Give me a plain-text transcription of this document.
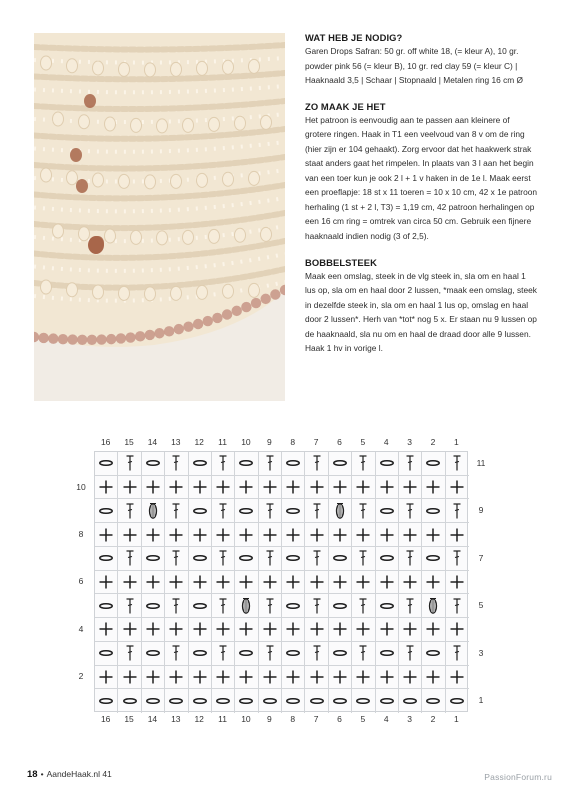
WAT HEB JE NODIG?

Garen Drops Safran: 50 gr. off white 18, (= kleur A), 10 gr. powder pink 56 (= kleur B), 10 gr. red clay 59 (= kleur C) | Haaknaald 3,5 | Schaar | Stopnaald | Metalen ring 16 cm Ø

ZO MAAK JE HET

Het patroon is eenvoudig aan te passen aan kleinere of grotere ringen. Haak in T1 een veelvoud van 8 v om de ring (hier zijn er 104 gehaakt). Zorg ervoor dat het haakwerk strak staat anders gaat het rimpelen. In plaats van 3 l aan het begin van een toer kun je ook 2 l + 1 v haken in de 1e l. Maak eerst een proeflapje: 18 st x 11 toeren = 10 x 10 cm, 42 x 1e patroon herhaling (1 st + 2 l, T3) = 1,19 cm, 42 patroon herhalingen op een 16 cm ring = omtrek van circa 50 cm. Gebruik een fijnere haaknaald indien nodig (3 of 2,5).

BOBBELSTEEK

Maak een omslag, steek in de vlg steek in, sla om en haal 1 lus op, sla om en haal door 2 lussen, *maak een omslag, steek in dezelfde steek in, sla om en haal 1 lus op, omslag en haal door 2 lussen*. Herh van *tot* nog 5 x. Er staan nu 9 lussen op de haaknaald, sla nu om en haal de draad door alle 9 lussen. Haak 1 hv in vorige l.

16
16
15
15
14
14
13
13
12
12
11
11
10
10
9
9
8
8
7
7
6
6
5
5
4
4
3
3
2
2
1
1
11
10
9
8
7
6
5
4
3
2
1
18 • AandeHaak.nl 41	PassionForum.ru
